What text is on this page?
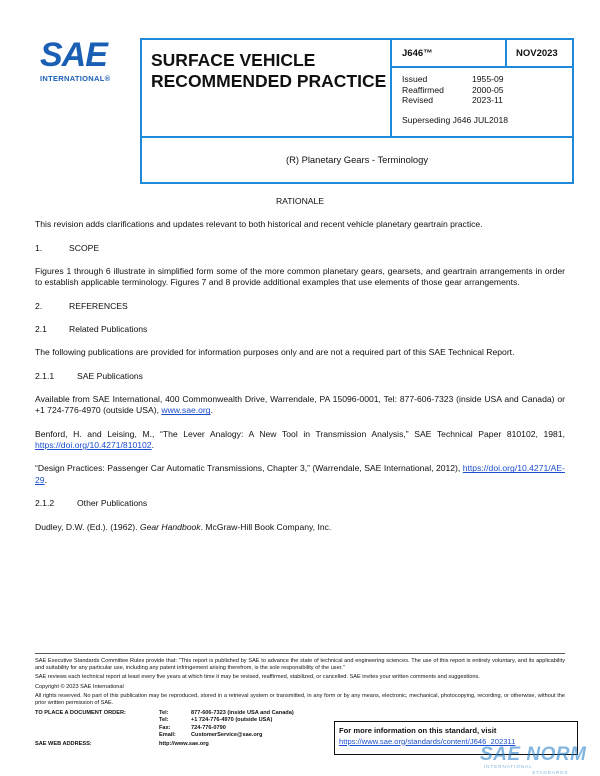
SAE
INTERNATIONAL®
SURFACE VEHICLE
RECOMMENDED PRACTICE
J646™	NOV2023
Issued	1955-09
Reaffirmed	2000-05
Revised	2023-11
Superseding J646 JUL2018
(R) Planetary Gears - Terminology
RATIONALE
This revision adds clarifications and updates relevant to both historical and recent vehicle planetary geartrain practice.
1.	SCOPE
Figures 1 through 6 illustrate in simplified form some of the more common planetary gears, gearsets, and geartrain arrangements in order to establish applicable terminology. Figures 7 and 8 provide additional examples that use elements of those gear arrangements.
2.	REFERENCES
2.1	Related Publications
The following publications are provided for information purposes only and are not a required part of this SAE Technical Report.
2.1.1	SAE Publications
Available from SAE International, 400 Commonwealth Drive, Warrendale, PA 15096-0001, Tel: 877-606-7323 (inside USA and Canada) or +1 724-776-4970 (outside USA), www.sae.org.
Benford, H. and Leising, M., “The Lever Analogy: A New Tool in Transmission Analysis,” SAE Technical Paper 810102, 1981, https://doi.org/10.4271/810102.
“Design Practices: Passenger Car Automatic Transmissions, Chapter 3,” (Warrendale, SAE International, 2012), https://doi.org/10.4271/AE-29.
2.1.2	Other Publications
Dudley, D.W. (Ed.). (1962). Gear Handbook. McGraw-Hill Book Company, Inc.
SAE Executive Standards Committee Rules provide that: “This report is published by SAE to advance the state of technical and engineering sciences. The use of this report is entirely voluntary, and its applicability and suitability for any particular use, including any patent infringement arising therefrom, is the sole responsibility of the user.”
SAE reviews each technical report at least every five years at which time it may be revised, reaffirmed, stabilized, or cancelled. SAE invites your written comments and suggestions.
Copyright © 2023 SAE International
All rights reserved. No part of this publication may be reproduced, stored in a retrieval system or transmitted, in any form or by any means, electronic, mechanical, photocopying, recording, or otherwise, without the prior written permission of SAE.
TO PLACE A DOCUMENT ORDER:	Tel:	877-606-7323 (inside USA and Canada)
Tel:	+1 724-776-4970 (outside USA)
Fax:	724-776-0790
Email:	CustomerService@sae.org
SAE WEB ADDRESS:	http://www.sae.org
For more information on this standard, visit
https://www.sae.org/standards/content/J646_202311
SAE NORM
INTERNATIONAL STANDARDS
